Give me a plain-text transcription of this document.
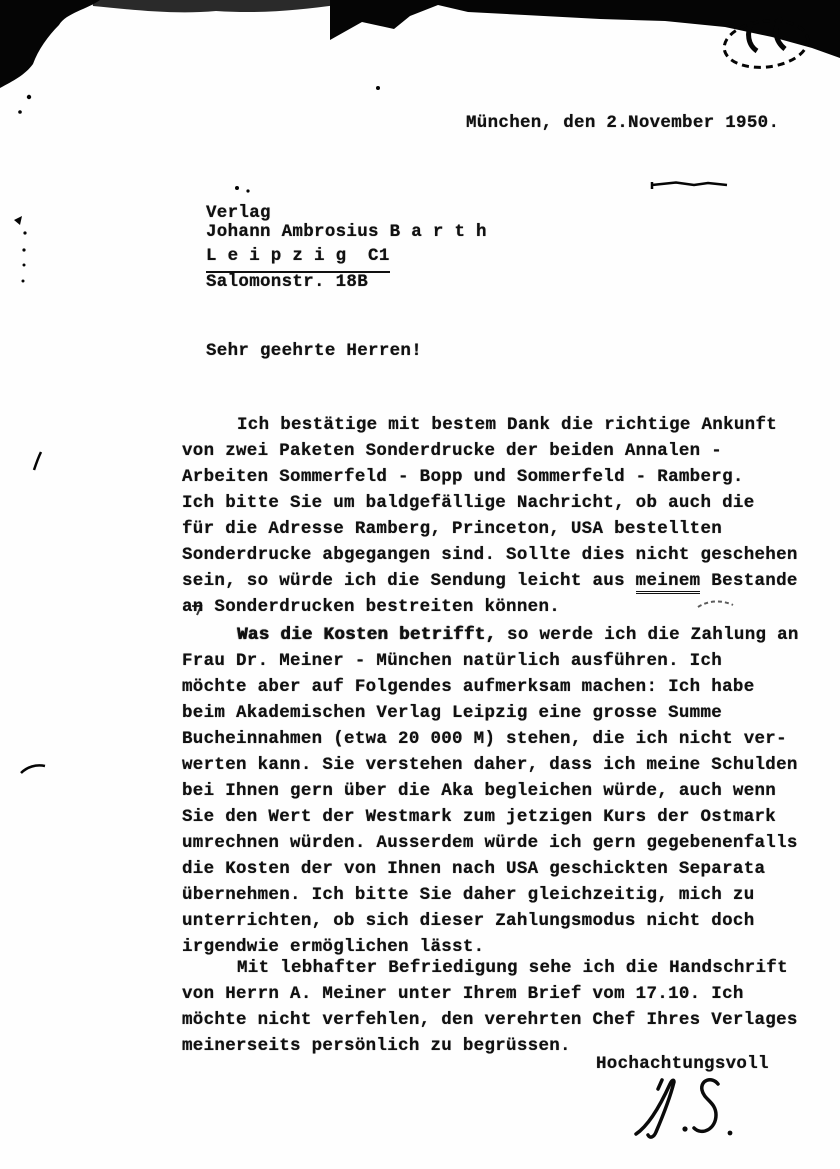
München, den 2.November 1950.
Verlag
Johann Ambrosius B a r t h
L e i p z i g  C1
Salomonstr. 18B
Sehr geehrte Herren!
Ich bestätige mit bestem Dank die richtige Ankunft
von zwei Paketen Sonderdrucke der beiden Annalen -
Arbeiten Sommerfeld - Bopp und Sommerfeld - Ramberg.
Ich bitte Sie um baldgefällige Nachricht, ob auch die
für die Adresse Ramberg, Princeton, USA bestellten
Sonderdrucke abgegangen sind. Sollte dies nicht geschehen
sein, so würde ich die Sendung leicht aus meinem Bestande
an Sonderdrucken bestreiten können.
Was die Kosten betrifft, so werde ich die Zahlung an
Frau Dr. Meiner - München natürlich ausführen. Ich
möchte aber auf Folgendes aufmerksam machen: Ich habe
beim Akademischen Verlag Leipzig eine grosse Summe
Bucheinnahmen (etwa 20 000 M) stehen, die ich nicht ver-
werten kann. Sie verstehen daher, dass ich meine Schulden
bei Ihnen gern über die Aka begleichen würde, auch wenn
Sie den Wert der Westmark zum jetzigen Kurs der Ostmark
umrechnen würden. Ausserdem würde ich gern gegebenenfalls
die Kosten der von Ihnen nach USA geschickten Separata
übernehmen. Ich bitte Sie daher gleichzeitig, mich zu
unterrichten, ob sich dieser Zahlungsmodus nicht doch
irgendwie ermöglichen lässt.
Mit lebhafter Befriedigung sehe ich die Handschrift
von Herrn A. Meiner unter Ihrem Brief vom 17.10. Ich
möchte nicht verfehlen, den verehrten Chef Ihres Verlages
meinerseits persönlich zu begrüssen.
Hochachtungsvoll
